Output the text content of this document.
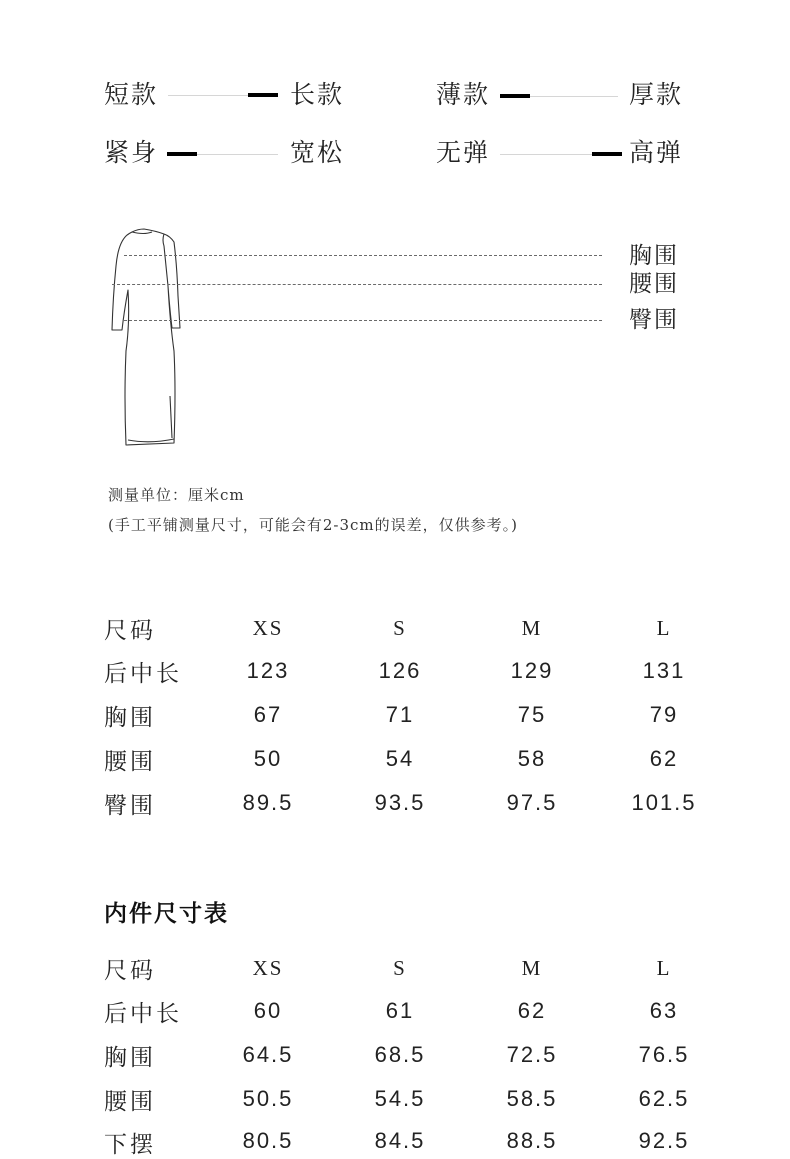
短款	长款	薄款	厚款
紧身	宽松	无弹	高弹
胸围
腰围
臀围
测量单位：厘米cm
(手工平铺测量尺寸，可能会有2-3cm的误差，仅供参考。)
尺码	XS	S	M	L
后中长	123	126	129	131
胸围	67	71	75	79
腰围	50	54	58	62
臀围	89.5	93.5	97.5	101.5
内件尺寸表
尺码	XS	S	M	L
后中长	60	61	62	63
胸围	64.5	68.5	72.5	76.5
腰围	50.5	54.5	58.5	62.5
下摆	80.5	84.5	88.5	92.5
